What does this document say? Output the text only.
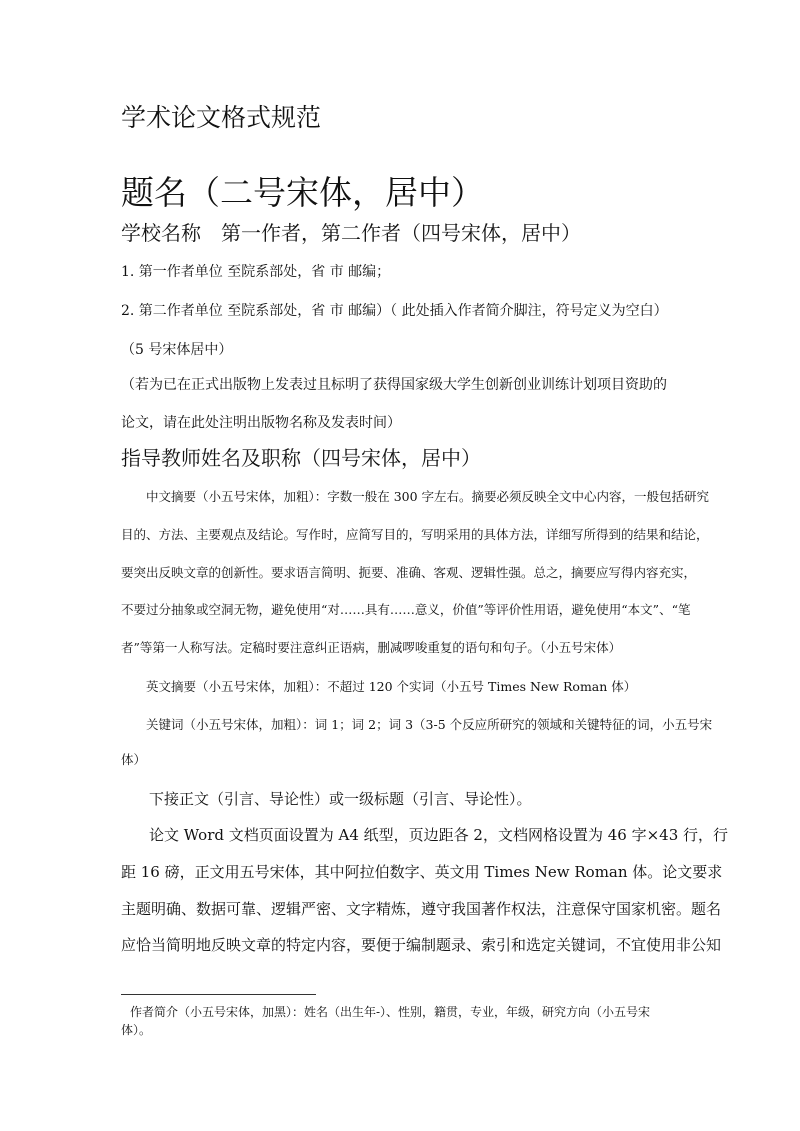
学术论文格式规范
题名（二号宋体，居中）
学校名称　第一作者，第二作者（四号宋体，居中）
1. 第一作者单位 至院系部处，省 市 邮编；
2. 第二作者单位 至院系部处，省 市 邮编）（ 此处插入作者简介脚注，符号定义为空白）
（5 号宋体居中）
（若为已在正式出版物上发表过且标明了获得国家级大学生创新创业训练计划项目资助的
论文，请在此处注明出版物名称及发表时间）
指导教师姓名及职称（四号宋体，居中）
中文摘要（小五号宋体，加粗）：字数一般在 300 字左右。摘要必须反映全文中心内容，一般包括研究
目的、方法、主要观点及结论。写作时，应简写目的，写明采用的具体方法，详细写所得到的结果和结论，
要突出反映文章的创新性。要求语言简明、扼要、准确、客观、逻辑性强。总之，摘要应写得内容充实，
不要过分抽象或空洞无物，避免使用“对……具有……意义，价值”等评价性用语，避免使用“本文”、“笔
者”等第一人称写法。定稿时要注意纠正语病，删减啰唆重复的语句和句子。（小五号宋体）
英文摘要（小五号宋体，加粗）：不超过 120 个实词（小五号 Times New Roman 体）
关键词（小五号宋体，加粗）：词 1；词 2；词 3（3-5 个反应所研究的领域和关键特征的词，小五号宋
体）
下接正文（引言、导论性）或一级标题（引言、导论性）。
论文 Word 文档页面设置为 A4 纸型，页边距各 2，文档网格设置为 46 字×43 行，行
距 16 磅，正文用五号宋体，其中阿拉伯数字、英文用 Times New Roman 体。论文要求
主题明确、数据可靠、逻辑严密、文字精炼，遵守我国著作权法，注意保守国家机密。题名
应恰当简明地反映文章的特定内容，要便于编制题录、索引和选定关键词，不宜使用非公知
作者简介（小五号宋体，加黑）：姓名（出生年-）、性别，籍贯，专业，年级，研究方向（小五号宋
体）。
